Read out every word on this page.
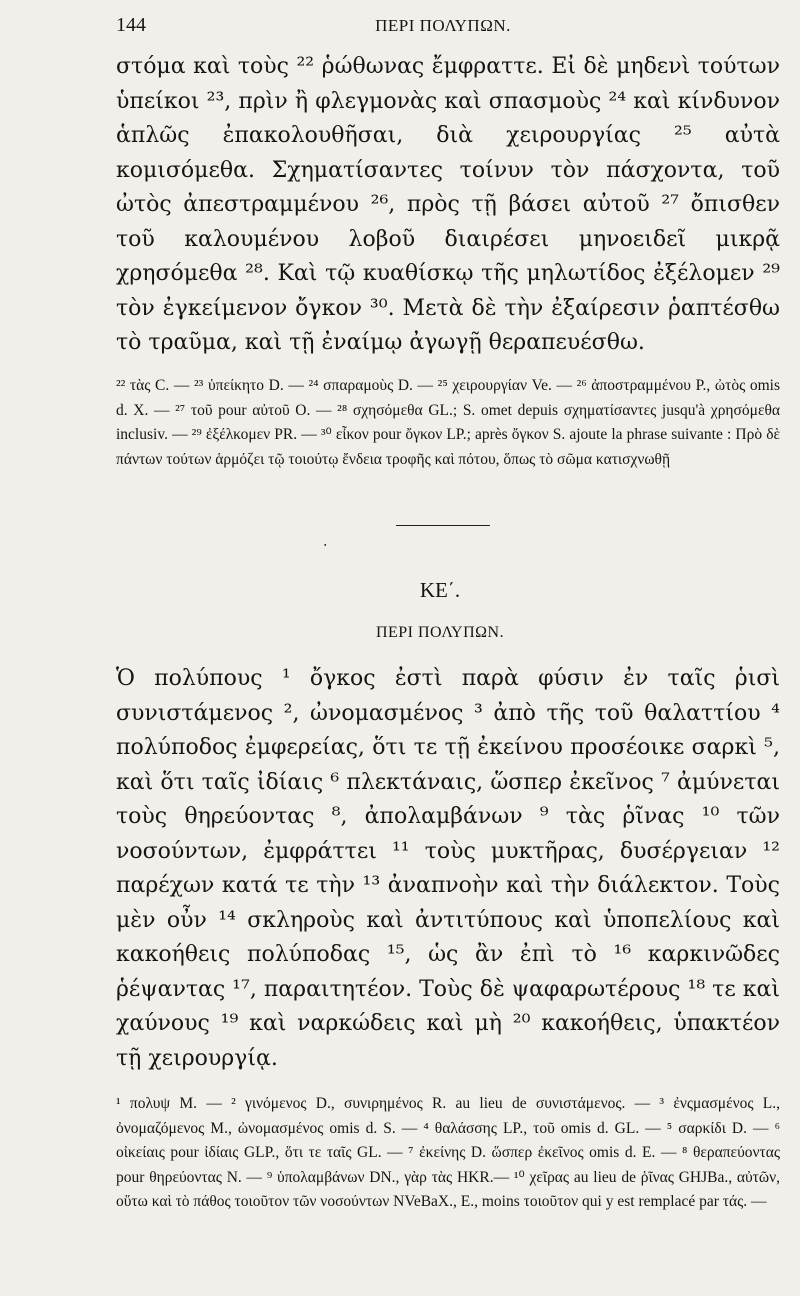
144	ΠΕΡΙ ΠΟΛΥΠΩΝ.

στόμα καὶ τοὺς ²² ῥώθωνας ἔμφραττε. Εἰ δὲ μηδενὶ τούτων ὑπείκοι ²³, πρὶν ἢ φλεγμονὰς καὶ σπασμοὺς ²⁴ καὶ κίνδυνον ἁπλῶς ἐπακολουθῆσαι, διὰ χειρουργίας ²⁵ αὐτὰ κομισόμεθα. Σχηματίσαντες τοίνυν τὸν πάσχοντα, τοῦ ὠτὸς ἀπεστραμμένου ²⁶, πρὸς τῇ βάσει αὐτοῦ ²⁷ ὄπισθεν τοῦ καλουμένου λοβοῦ διαιρέσει μηνοειδεῖ μικρᾷ χρησόμεθα ²⁸. Καὶ τῷ κυαθίσκῳ τῆς μηλωτίδος ἐξέλομεν ²⁹ τὸν ἐγκείμενον ὄγκον ³⁰. Μετὰ δὲ τὴν ἐξαίρεσιν ῥαπτέσθω τὸ τραῦμα, καὶ τῇ ἐναίμῳ ἀγωγῇ θεραπευέσθω.

²² τὰς C. — ²³ ὑπείκητο D. — ²⁴ σπαραμοὺς D. — ²⁵ χειρουργίαν Ve. — ²⁶ ἀποστραμμένου P., ὠτὸς omis d. X. — ²⁷ τοῦ pour αὐτοῦ O. — ²⁸ σχησόμεθα GL.; S. omet depuis σχηματίσαντες jusqu'à χρησόμεθα inclusiv. — ²⁹ ἐξέλκομεν PR. — ³⁰ εἶκον pour ὄγκον LP.; après ὄγκον S. ajoute la phrase suivante : Πρὸ δὲ πάντων τούτων ἁρμόζει τῷ τοιούτῳ ἔνδεια τροφῆς καὶ πότου, ὅπως τὸ σῶμα κατισχνωθῇ

‧
ΚΕ΄.
ΠΕΡΙ ΠΟΛΥΠΩΝ.

Ὁ πολύπους ¹ ὄγκος ἐστὶ παρὰ φύσιν ἐν ταῖς ῥισὶ συνιστάμενος ², ὠνομασμένος ³ ἀπὸ τῆς τοῦ θαλαττίου ⁴ πολύποδος ἐμφερείας, ὅτι τε τῇ ἐκείνου προσέοικε σαρκὶ ⁵, καὶ ὅτι ταῖς ἰδίαις ⁶ πλεκτάναις, ὥσπερ ἐκεῖνος ⁷ ἀμύνεται τοὺς θηρεύοντας ⁸, ἀπολαμβάνων ⁹ τὰς ῥῖνας ¹⁰ τῶν νοσούντων, ἐμφράττει ¹¹ τοὺς μυκτῆρας, δυσέργειαν ¹² παρέχων κατά τε τὴν ¹³ ἀναπνοὴν καὶ τὴν διάλεκτον. Τοὺς μὲν οὖν ¹⁴ σκληροὺς καὶ ἀντιτύπους καὶ ὑποπελίους καὶ κακοήθεις πολύποδας ¹⁵, ὡς ἂν ἐπὶ τὸ ¹⁶ καρκινῶδες ῥέψαντας ¹⁷, παραιτητέον. Τοὺς δὲ ψαφαρωτέρους ¹⁸ τε καὶ χαύνους ¹⁹ καὶ ναρκώδεις καὶ μὴ ²⁰ κακοήθεις, ὑπακτέον τῇ χειρουργίᾳ.

¹ πολυψ M. — ² γινόμενος D., συνιρημένος R. au lieu de συνιστάμενος. — ³ ἐνςμασμένος L., ὀνομαζόμενος M., ὠνομασμένος omis d. S. — ⁴ θαλάσσης LP., τοῦ omis d. GL. — ⁵ σαρκίδι D. — ⁶ οἰκείαις pour ἰδίαις GLP., ὅτι τε ταῖς GL. — ⁷ ἐκείνης D. ὥσπερ ἐκεῖνος omis d. E. — ⁸ θεραπεύοντας pour θηρεύοντας N. — ⁹ ὑπολαμβάνων DN., γὰρ τὰς HKR.— ¹⁰ χεῖρας au lieu de ῥῖνας GHJBa., αὐτῶν, οὕτω καὶ τὸ πάθος τοιοῦτον τῶν νοσούντων NVeBaX., E., moins τοιοῦτον qui y est remplacé par τάς. —
